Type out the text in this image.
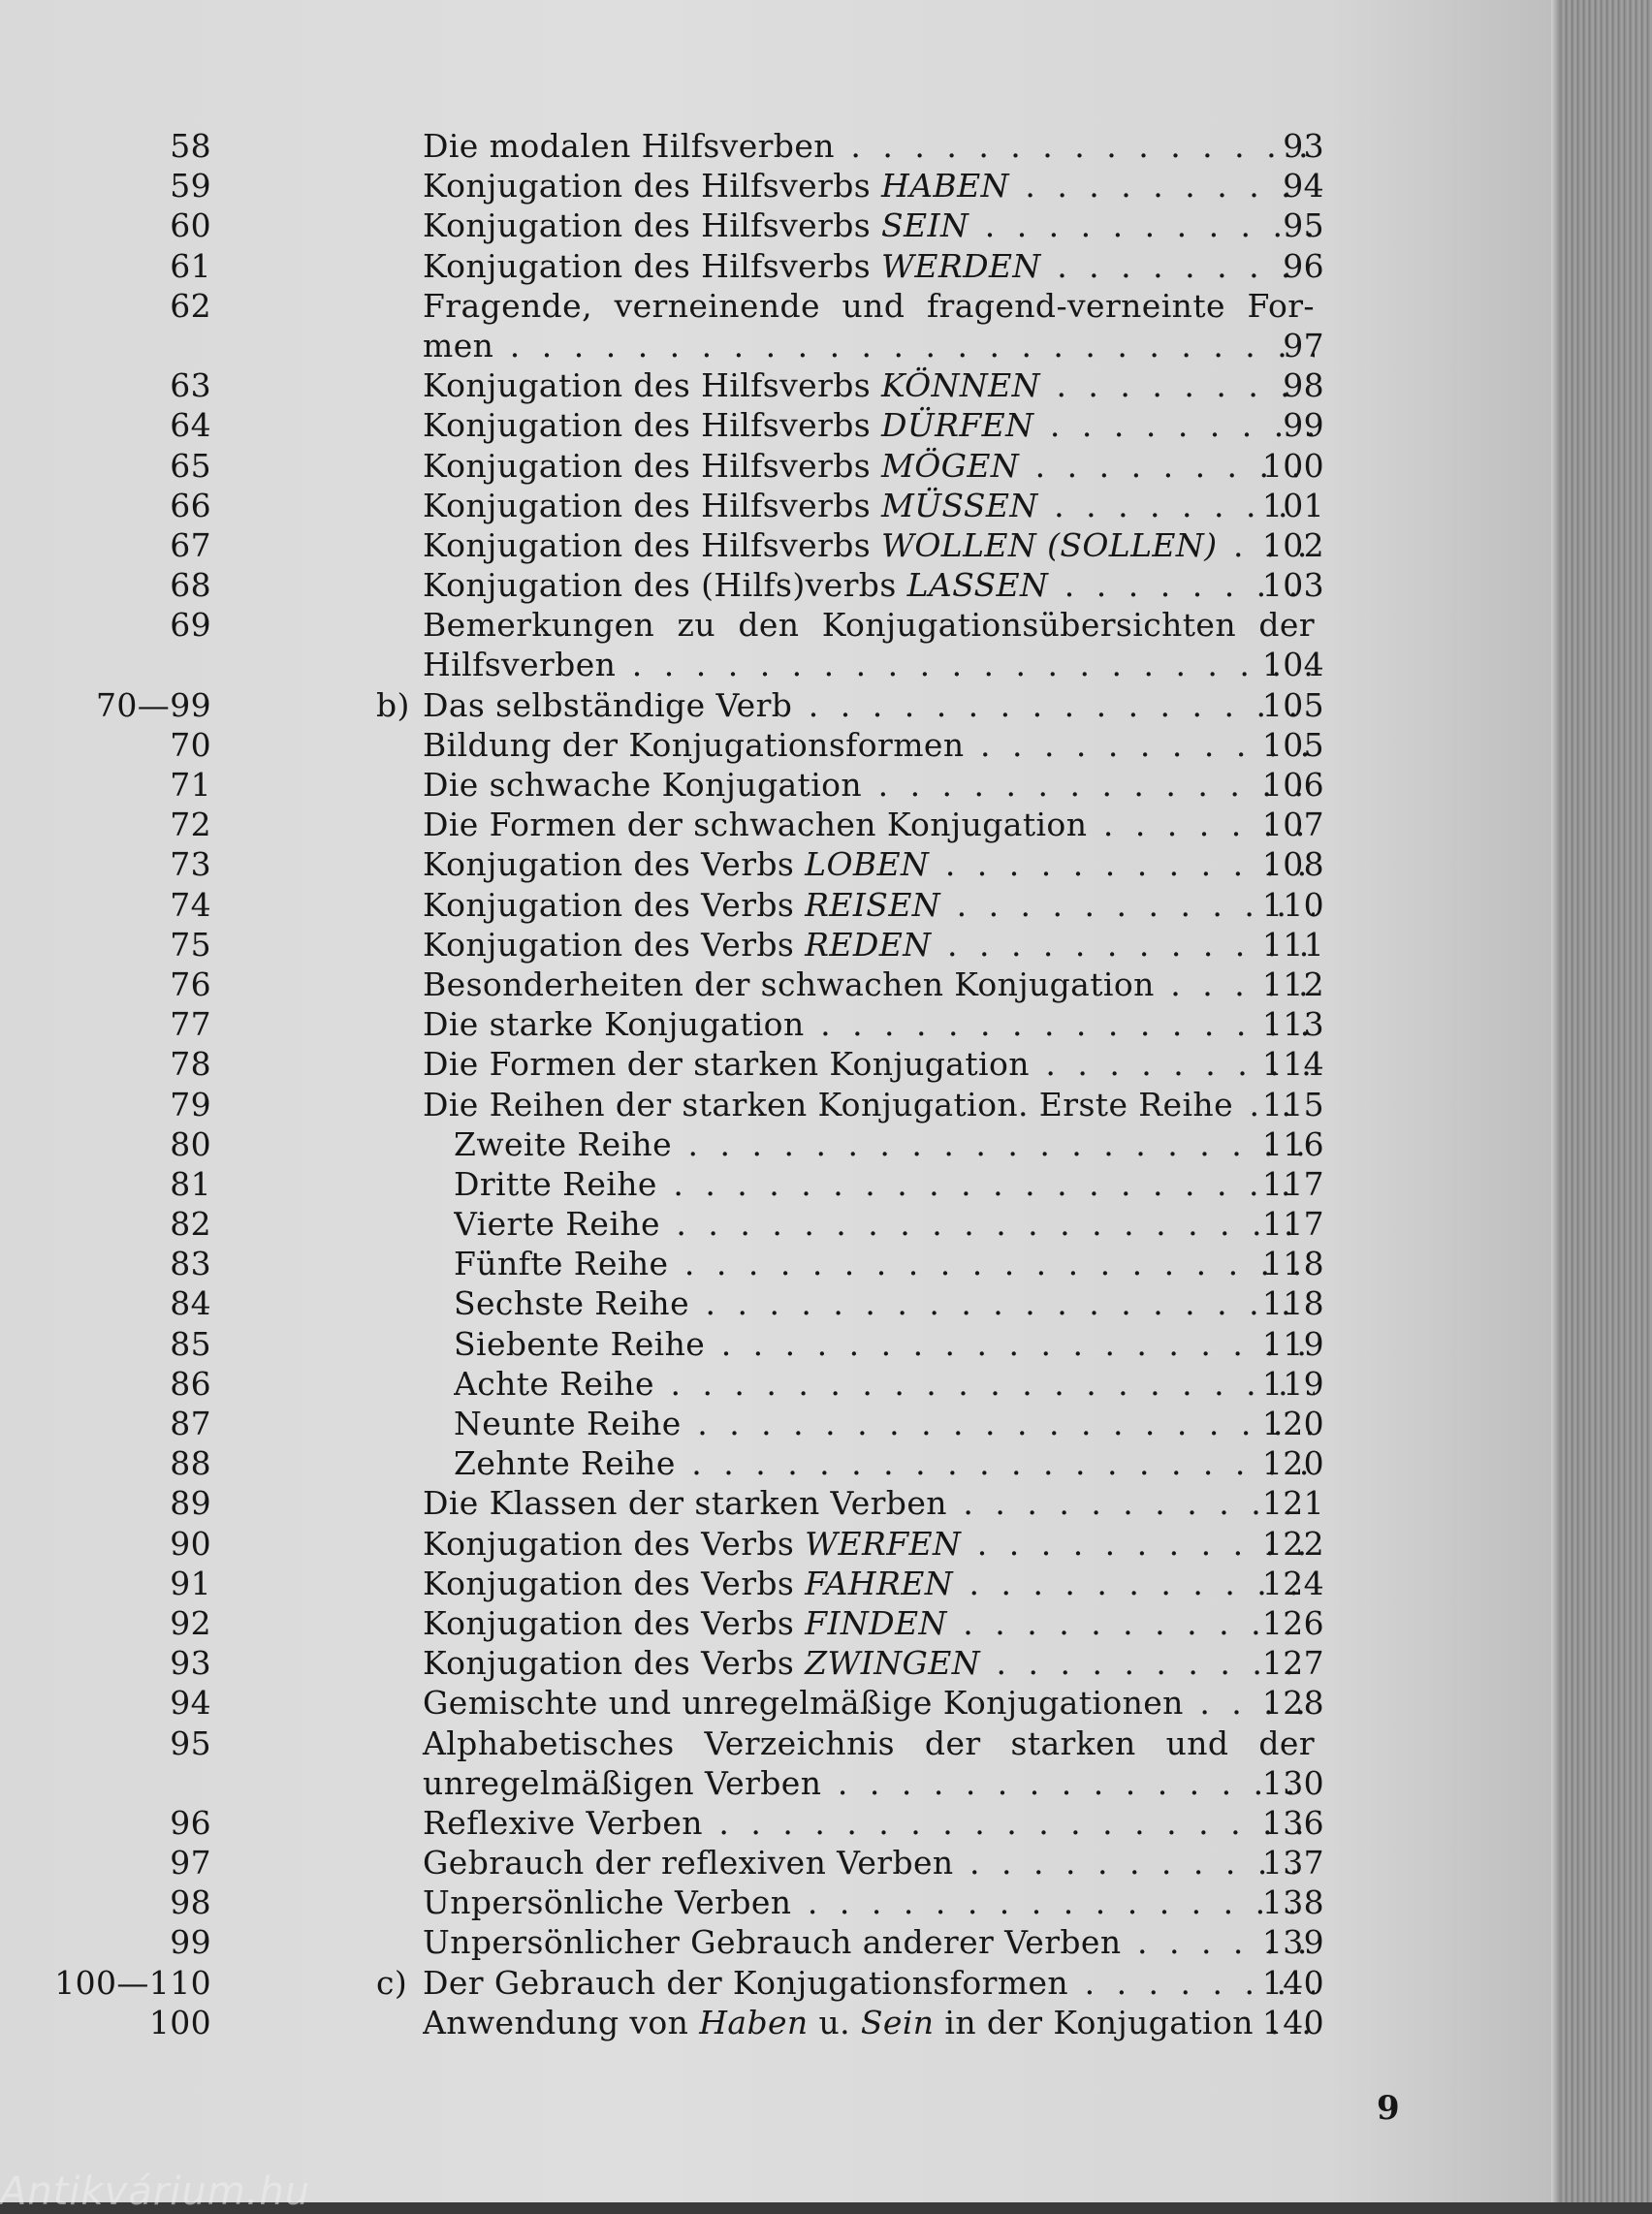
58	Die modalen Hilfsverben . . .	93
59	Konjugation des Hilfsverbs HABEN . . .	94
60	Konjugation des Hilfsverbs SEIN . . .	95
61	Konjugation des Hilfsverbs WERDEN . . .	96
62	Fragende, verneinende und fragend-verneinte For-
men . . .	97
63	Konjugation des Hilfsverbs KÖNNEN . . .	98
64	Konjugation des Hilfsverbs DÜRFEN . . .	99
65	Konjugation des Hilfsverbs MÖGEN . . .	100
66	Konjugation des Hilfsverbs MÜSSEN . . .	101
67	Konjugation des Hilfsverbs WOLLEN (SOLLEN) . . .	102
68	Konjugation des (Hilfs)verbs LASSEN . . .	103
69	Bemerkungen zu den Konjugationsübersichten der
Hilfsverben . . .	104
70—99	b) Das selbständige Verb . . .	105
70	Bildung der Konjugationsformen . . .	105
71	Die schwache Konjugation . . .	106
72	Die Formen der schwachen Konjugation . . .	107
73	Konjugation des Verbs LOBEN . . .	108
74	Konjugation des Verbs REISEN . . .	110
75	Konjugation des Verbs REDEN . . .	111
76	Besonderheiten der schwachen Konjugation . . .	112
77	Die starke Konjugation . . .	113
78	Die Formen der starken Konjugation . . .	114
79	Die Reihen der starken Konjugation. Erste Reihe . . . 115
80	Zweite Reihe . . .	116
81	Dritte Reihe . . .	117
82	Vierte Reihe . . .	117
83	Fünfte Reihe . . .	118
84	Sechste Reihe . . .	118
85	Siebente Reihe . . .	119
86	Achte Reihe . . .	119
87	Neunte Reihe . . .	120
88	Zehnte Reihe . . .	120
89	Die Klassen der starken Verben . . .	121
90	Konjugation des Verbs WERFEN . . .	122
91	Konjugation des Verbs FAHREN . . .	124
92	Konjugation des Verbs FINDEN . . .	126
93	Konjugation des Verbs ZWINGEN . . .	127
94	Gemischte und unregelmäßige Konjugationen . . .	128
95	Alphabetisches Verzeichnis der starken und der
unregelmäßigen Verben . . .	130
96	Reflexive Verben . . .	136
97	Gebrauch der reflexiven Verben . . .	137
98	Unpersönliche Verben . . .	138
99	Unpersönlicher Gebrauch anderer Verben . . .	139
100—110	c) Der Gebrauch der Konjugationsformen . . .	140
100	Anwendung von Haben u. Sein in der Konjugation . . . 140
9
Antikvárium.hu
